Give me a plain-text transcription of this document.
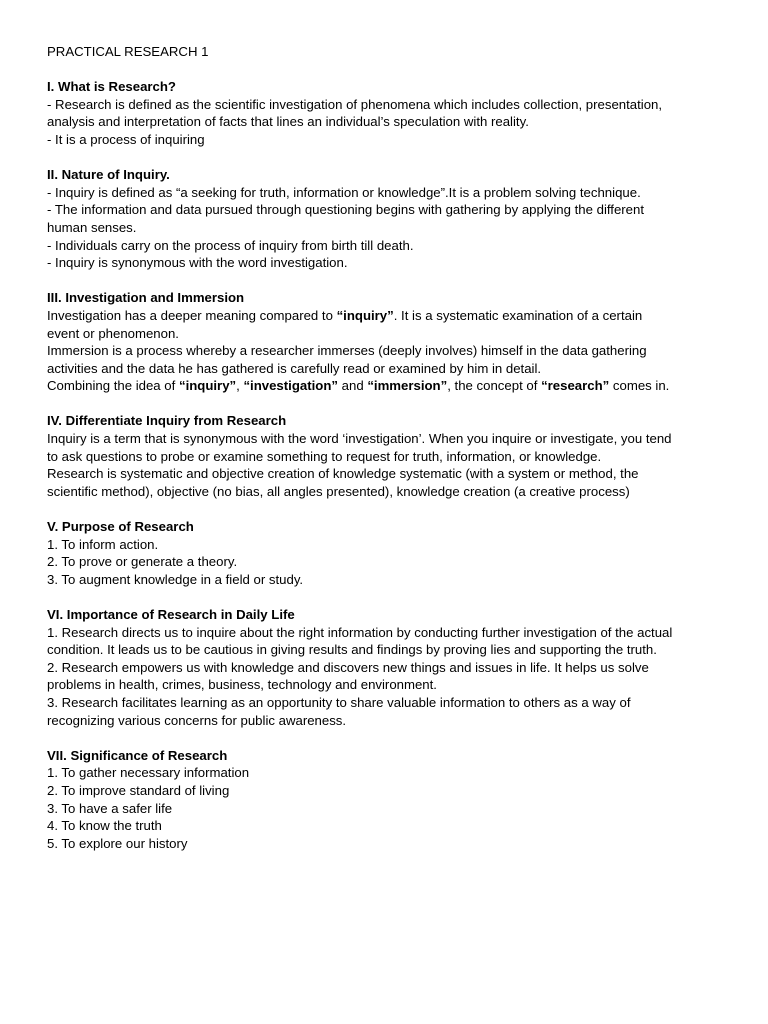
PRACTICAL RESEARCH 1
I. What is Research?

- Research is defined as the scientific investigation of phenomena which includes collection, presentation,

analysis and interpretation of facts that lines an individual’s speculation with reality.

- It is a process of inquiring

II. Nature of Inquiry.

- Inquiry is defined as “a seeking for truth, information or knowledge”.It is a problem solving technique.

- The information and data pursued through questioning begins with gathering by applying the different

human senses.

- Individuals carry on the process of inquiry from birth till death.

- Inquiry is synonymous with the word investigation.

III. Investigation and Immersion

Investigation has a deeper meaning compared to “inquiry”. It is a systematic examination of a certain

event or phenomenon.

Immersion is a process whereby a researcher immerses (deeply involves) himself in the data gathering

activities and the data he has gathered is carefully read or examined by him in detail.

Combining the idea of “inquiry”, “investigation” and “immersion”, the concept of “research” comes in.

IV. Differentiate Inquiry from Research

Inquiry is a term that is synonymous with the word ‘investigation’. When you inquire or investigate, you tend

to ask questions to probe or examine something to request for truth, information, or knowledge.

Research is systematic and objective creation of knowledge systematic (with a system or method, the

scientific method), objective (no bias, all angles presented), knowledge creation (a creative process)

V. Purpose of Research

1. To inform action.

2. To prove or generate a theory.

3. To augment knowledge in a field or study.

VI. Importance of Research in Daily Life

1. Research directs us to inquire about the right information by conducting further investigation of the actual

condition. It leads us to be cautious in giving results and findings by proving lies and supporting the truth.

2. Research empowers us with knowledge and discovers new things and issues in life. It helps us solve

problems in health, crimes, business, technology and environment.

3. Research facilitates learning as an opportunity to share valuable information to others as a way of

recognizing various concerns for public awareness.

VII. Significance of Research

1. To gather necessary information

2. To improve standard of living

3. To have a safer life

4. To know the truth

5. To explore our history
